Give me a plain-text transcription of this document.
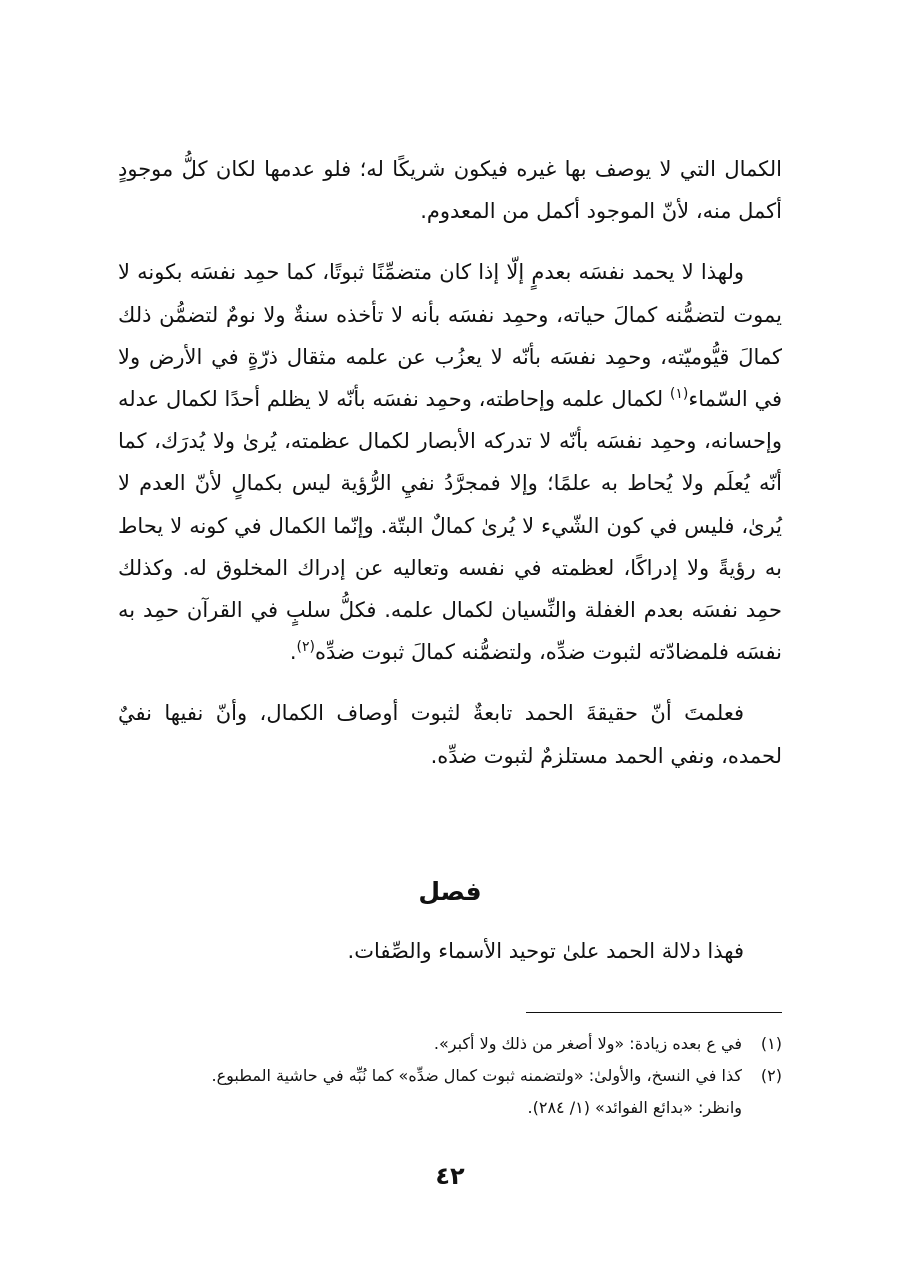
الكمال التي لا يوصف بها غيره فيكون شريكًا له؛ فلو عدمها لكان كلُّ موجودٍ أكمل منه، لأنّ الموجود أكمل من المعدوم.

ولهذا لا يحمد نفسَه بعدمٍ إلّا إذا كان متضمِّنًا ثبوتًا، كما حمِد نفسَه بكونه لا يموت لتضمُّنه كمالَ حياته، وحمِد نفسَه بأنه لا تأخذه سنةٌ ولا نومٌ لتضمُّن ذلك كمالَ قيُّوميّته، وحمِد نفسَه بأنّه لا يعزُب عن علمه مثقال ذرّةٍ في الأرض ولا في السّماء$^{(١)}$ لكمال علمه وإحاطته، وحمِد نفسَه بأنّه لا يظلم أحدًا لكمال عدله وإحسانه، وحمِد نفسَه بأنّه لا تدركه الأبصار لكمال عظمته، يُرىٰ ولا يُدرَك، كما أنّه يُعلَم ولا يُحاط به علمًا؛ وإلا فمجرَّدُ نفيِ الرُّؤية ليس بكمالٍ لأنّ العدم لا يُرىٰ، فليس في كون الشّيء لا يُرىٰ كمالٌ البتّة. وإنّما الكمال في كونه لا يحاط به رؤيةً ولا إدراكًا، لعظمته في نفسه وتعاليه عن إدراك المخلوق له. وكذلك حمِد نفسَه بعدم الغفلة والنِّسيان لكمال علمه. فكلُّ سلبٍ في القرآن حمِد به نفسَه فلمضادّته لثبوت ضدِّه، ولتضمُّنه كمالَ ثبوت ضدِّه$^{(٢)}$.

فعلمتَ أنّ حقيقةَ الحمد تابعةٌ لثبوت أوصاف الكمال، وأنّ نفيها نفيٌ لحمده، ونفي الحمد مستلزمٌ لثبوت ضدِّه.

فصل
فهذا دلالة الحمد علىٰ توحيد الأسماء والصِّفات.

(١)في ع بعده زيادة: «ولا أصغر من ذلك ولا أكبر».

(٢)كذا في النسخ، والأولىٰ: «ولتضمنه ثبوت كمال ضدِّه» كما نُبِّه في حاشية المطبوع.

وانظر: «بدائع الفوائد» (١/ ٢٨٤).

٤٢
